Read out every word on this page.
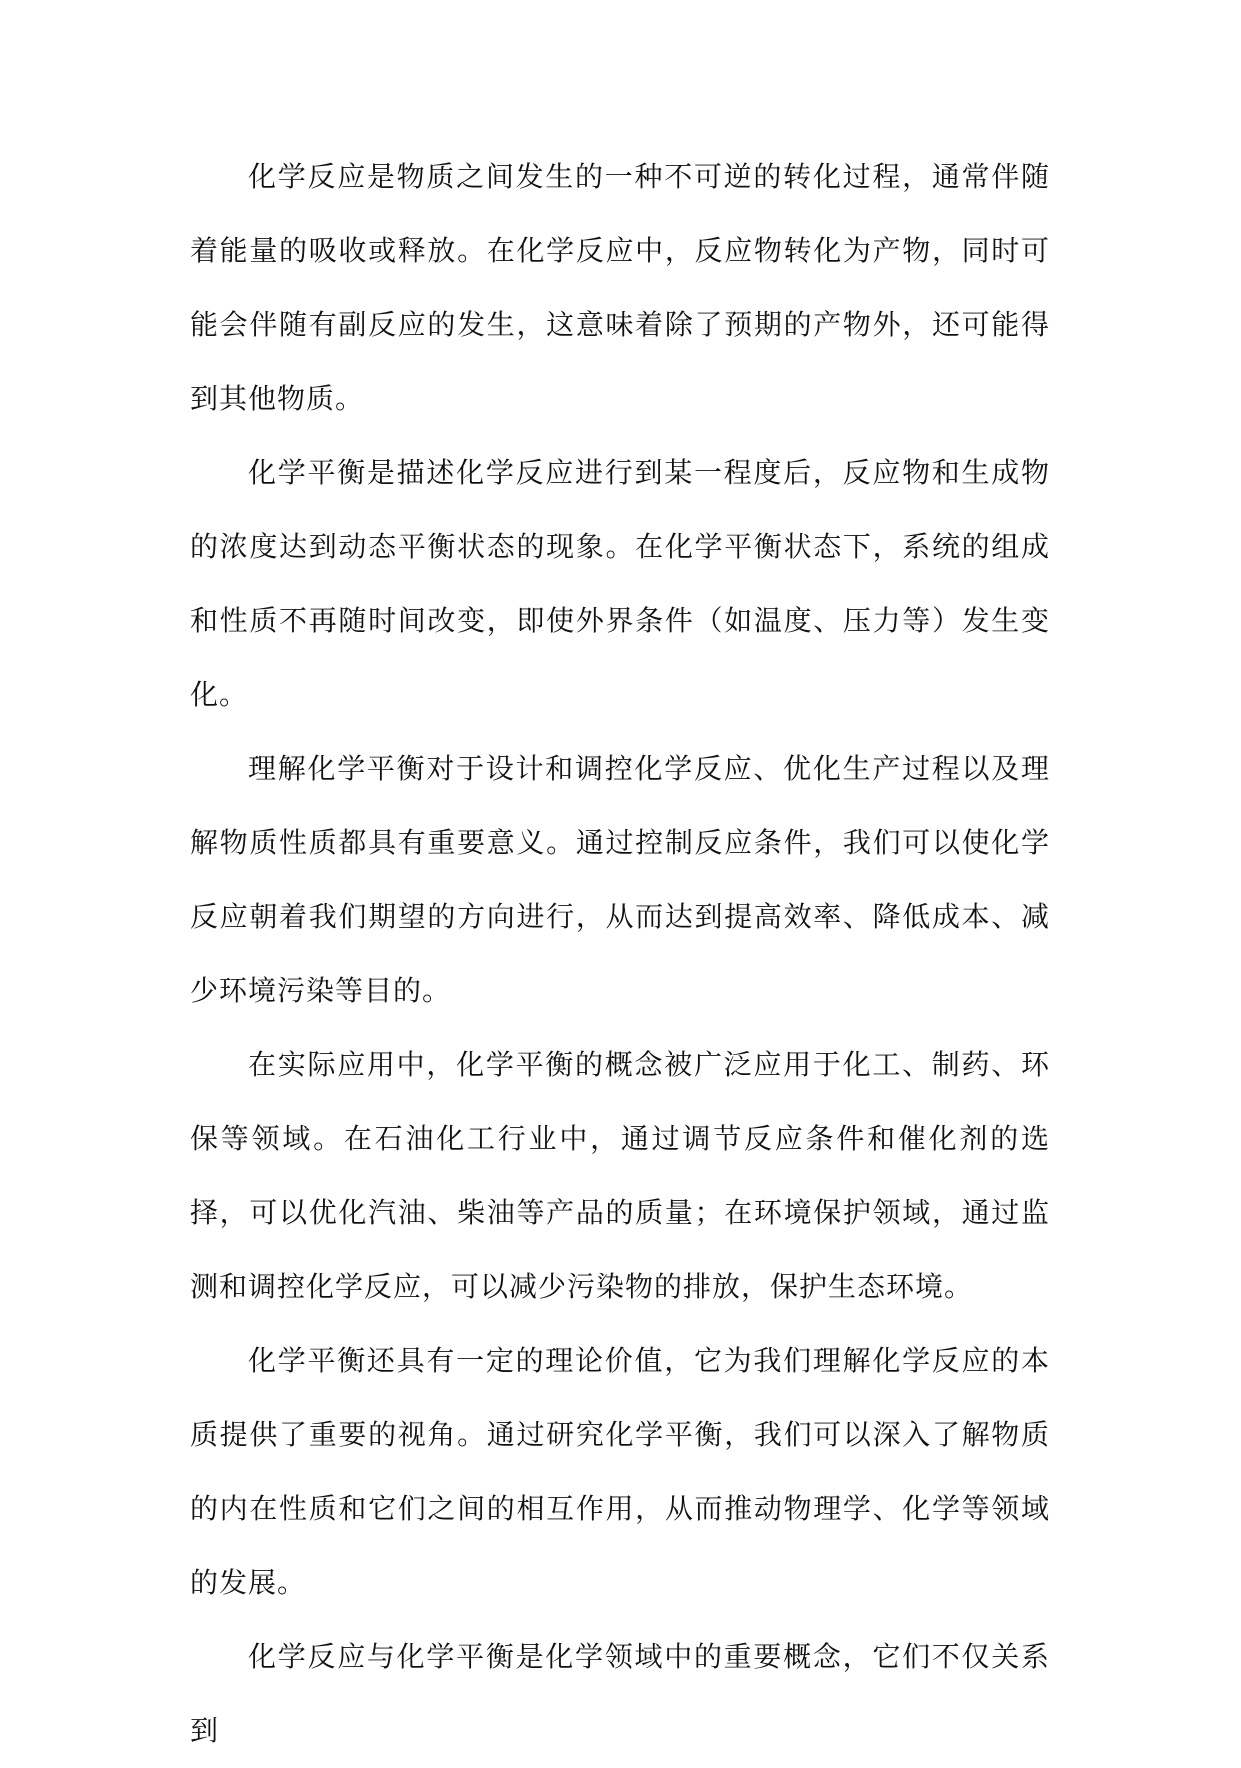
化学反应是物质之间发生的一种不可逆的转化过程，通常伴随着能量的吸收或释放。在化学反应中，反应物转化为产物，同时可能会伴随有副反应的发生，这意味着除了预期的产物外，还可能得到其他物质。

化学平衡是描述化学反应进行到某一程度后，反应物和生成物的浓度达到动态平衡状态的现象。在化学平衡状态下，系统的组成和性质不再随时间改变，即使外界条件（如温度、压力等）发生变化。

理解化学平衡对于设计和调控化学反应、优化生产过程以及理解物质性质都具有重要意义。通过控制反应条件，我们可以使化学反应朝着我们期望的方向进行，从而达到提高效率、降低成本、减少环境污染等目的。

在实际应用中，化学平衡的概念被广泛应用于化工、制药、环保等领域。在石油化工行业中，通过调节反应条件和催化剂的选择，可以优化汽油、柴油等产品的质量；在环境保护领域，通过监测和调控化学反应，可以减少污染物的排放，保护生态环境。

化学平衡还具有一定的理论价值，它为我们理解化学反应的本质提供了重要的视角。通过研究化学平衡，我们可以深入了解物质的内在性质和它们之间的相互作用，从而推动物理学、化学等领域的发展。

化学反应与化学平衡是化学领域中的重要概念，它们不仅关系到
